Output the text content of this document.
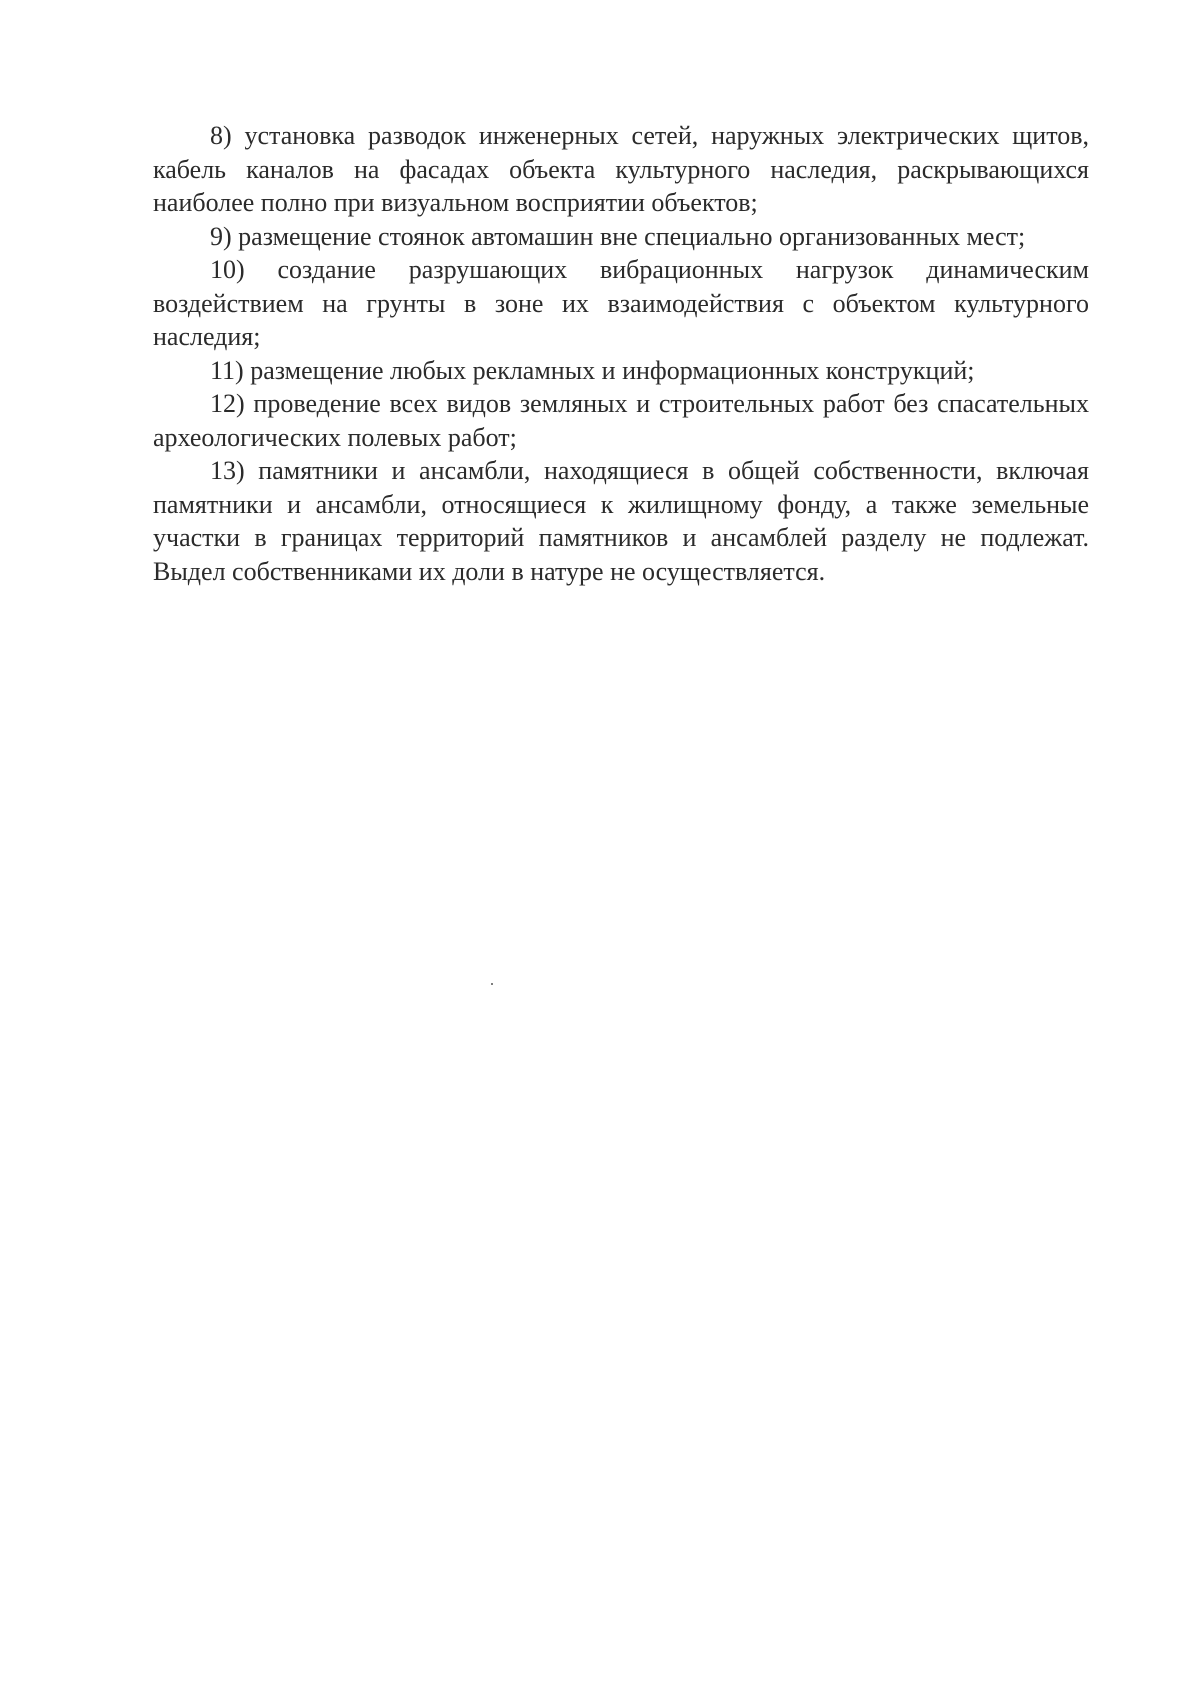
8) установка разводок инженерных сетей, наружных электрических щитов, кабель каналов на фасадах объекта культурного наследия, раскрывающихся наиболее полно при визуальном восприятии объектов;

9) размещение стоянок автомашин вне специально организованных мест;

10) создание разрушающих вибрационных нагрузок динамическим воздействием на грунты в зоне их взаимодействия с объектом культурного наследия;

11) размещение любых рекламных и информационных конструкций;

12) проведение всех видов земляных и строительных работ без спасательных археологических полевых работ;

13) памятники и ансамбли, находящиеся в общей собственности, включая памятники и ансамбли, относящиеся к жилищному фонду, а также земельные участки в границах территорий памятников и ансамблей разделу не подлежат. Выдел собственниками их доли в натуре не осуществляется.
